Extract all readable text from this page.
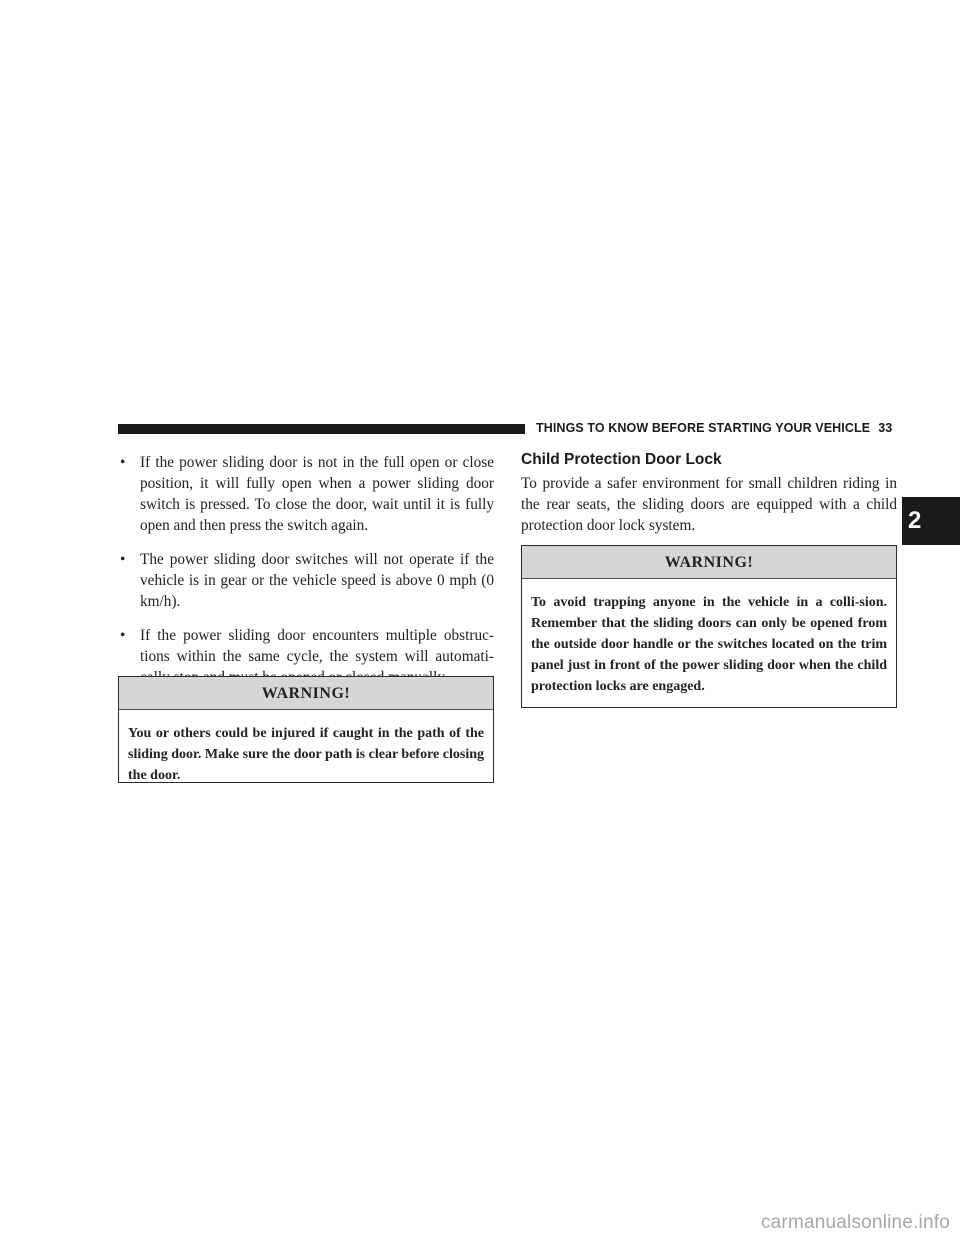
THINGS TO KNOW BEFORE STARTING YOUR VEHICLE 33
2
• If the power sliding door is not in the full open or close position, it will fully open when a power sliding door switch is pressed. To close the door, wait until it is fully open and then press the switch again.
• The power sliding door switches will not operate if the vehicle is in gear or the vehicle speed is above 0 mph (0 km/h).
• If the power sliding door encounters multiple obstruc-tions within the same cycle, the system will automati-
WARNING!
You or others could be injured if caught in the path of the sliding door. Make sure the door path is clear before closing the door.
Child Protection Door Lock

To provide a safer environment for small children riding in the rear seats, the sliding doors are equipped with a child protection door lock system.

WARNING!
To avoid trapping anyone in the vehicle in a colli-sion. Remember that the sliding doors can only be opened from the outside door handle or the switches located on the trim panel just in front of the power sliding door when the child protection locks are engaged.
carmanualsonline.info
